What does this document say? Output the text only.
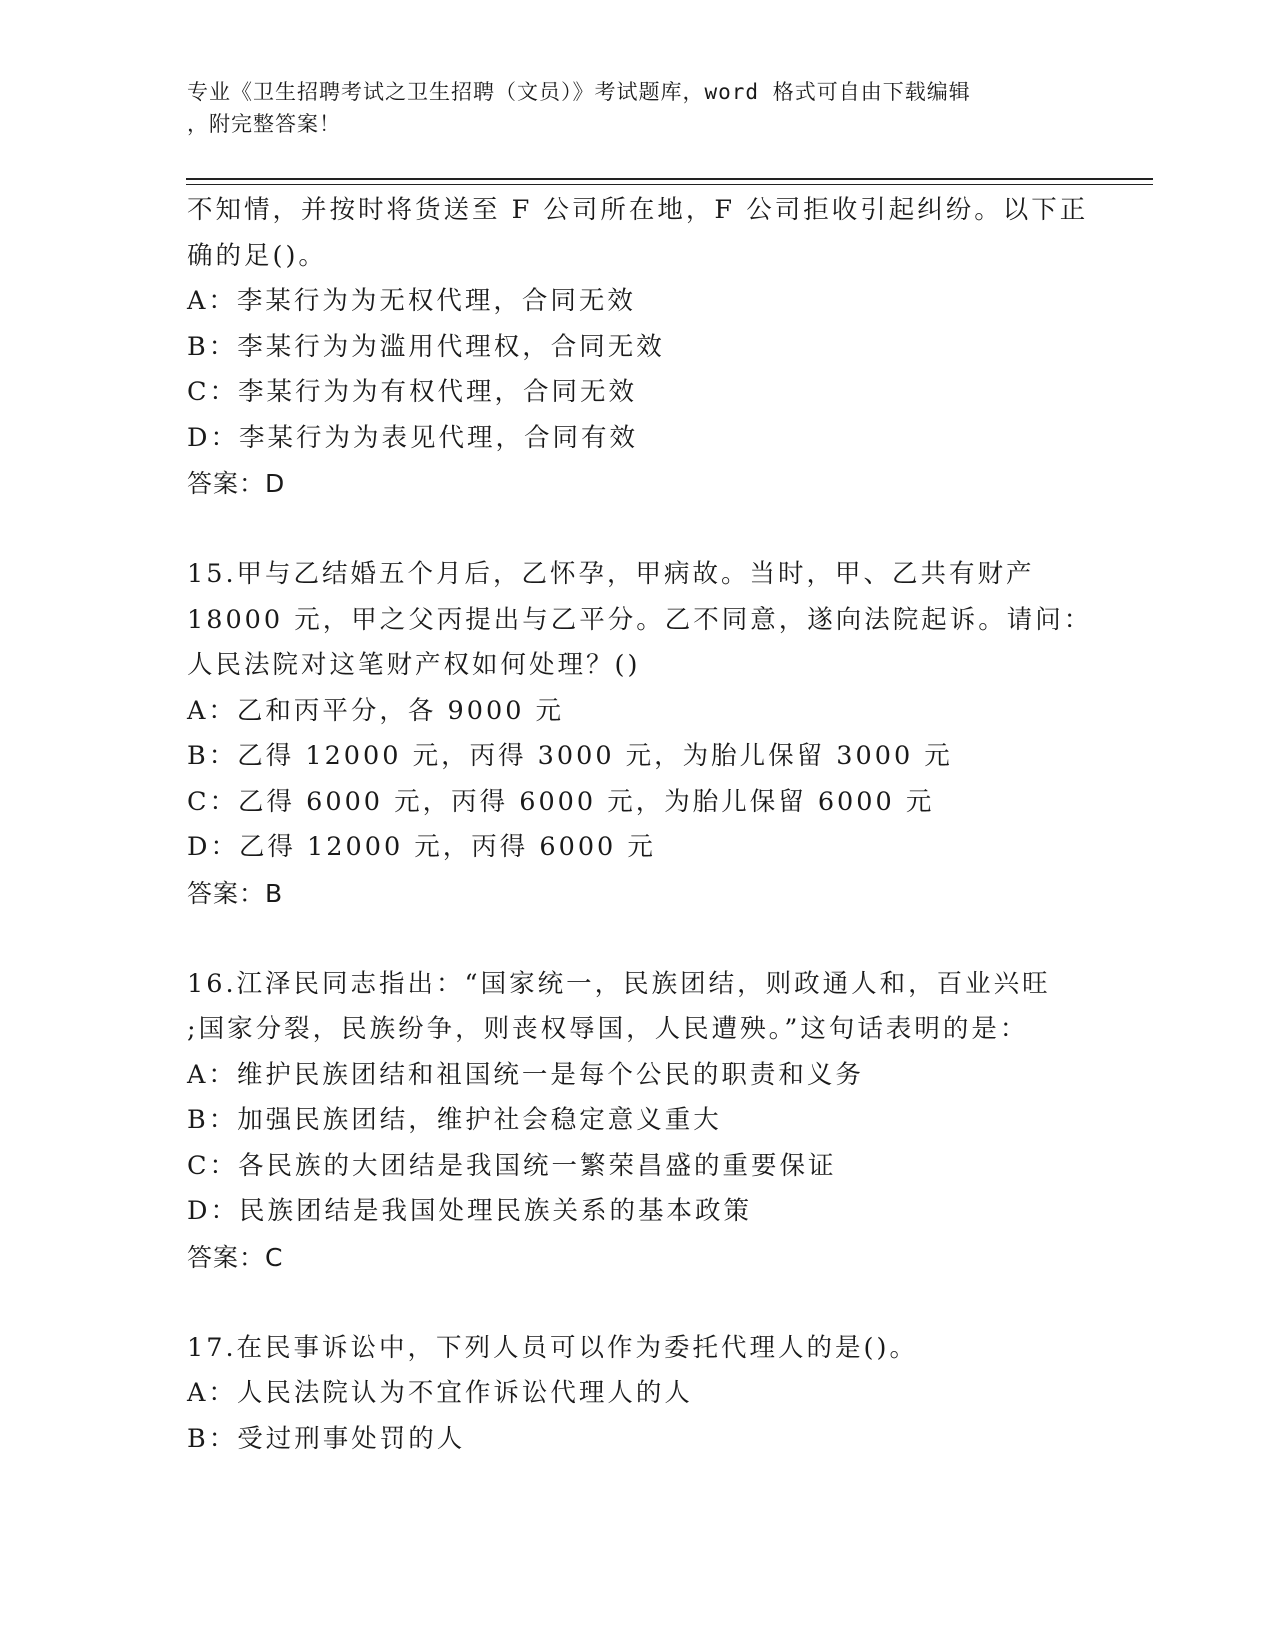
专业《卫生招聘考试之卫生招聘（文员）》考试题库，word 格式可自由下载编辑
，附完整答案！
不知情，并按时将货送至 F 公司所在地，F 公司拒收引起纠纷。以下正
确的足()。
A：李某行为为无权代理，合同无效
B：李某行为为滥用代理权，合同无效
C：李某行为为有权代理，合同无效
D：李某行为为表见代理，合同有效
答案：D
15.甲与乙结婚五个月后，乙怀孕，甲病故。当时，甲、乙共有财产
18000 元，甲之父丙提出与乙平分。乙不同意，遂向法院起诉。请问：
人民法院对这笔财产权如何处理？()
A：乙和丙平分，各 9000 元
B：乙得 12000 元，丙得 3000 元，为胎儿保留 3000 元
C：乙得 6000 元，丙得 6000 元，为胎儿保留 6000 元
D：乙得 12000 元，丙得 6000 元
答案：B
16.江泽民同志指出：“国家统一，民族团结，则政通人和，百业兴旺
;国家分裂，民族纷争，则丧权辱国，人民遭殃。”这句话表明的是：
A：维护民族团结和祖国统一是每个公民的职责和义务
B：加强民族团结，维护社会稳定意义重大
C：各民族的大团结是我国统一繁荣昌盛的重要保证
D：民族团结是我国处理民族关系的基本政策
答案：C
17.在民事诉讼中，下列人员可以作为委托代理人的是()。
A：人民法院认为不宜作诉讼代理人的人
B：受过刑事处罚的人
